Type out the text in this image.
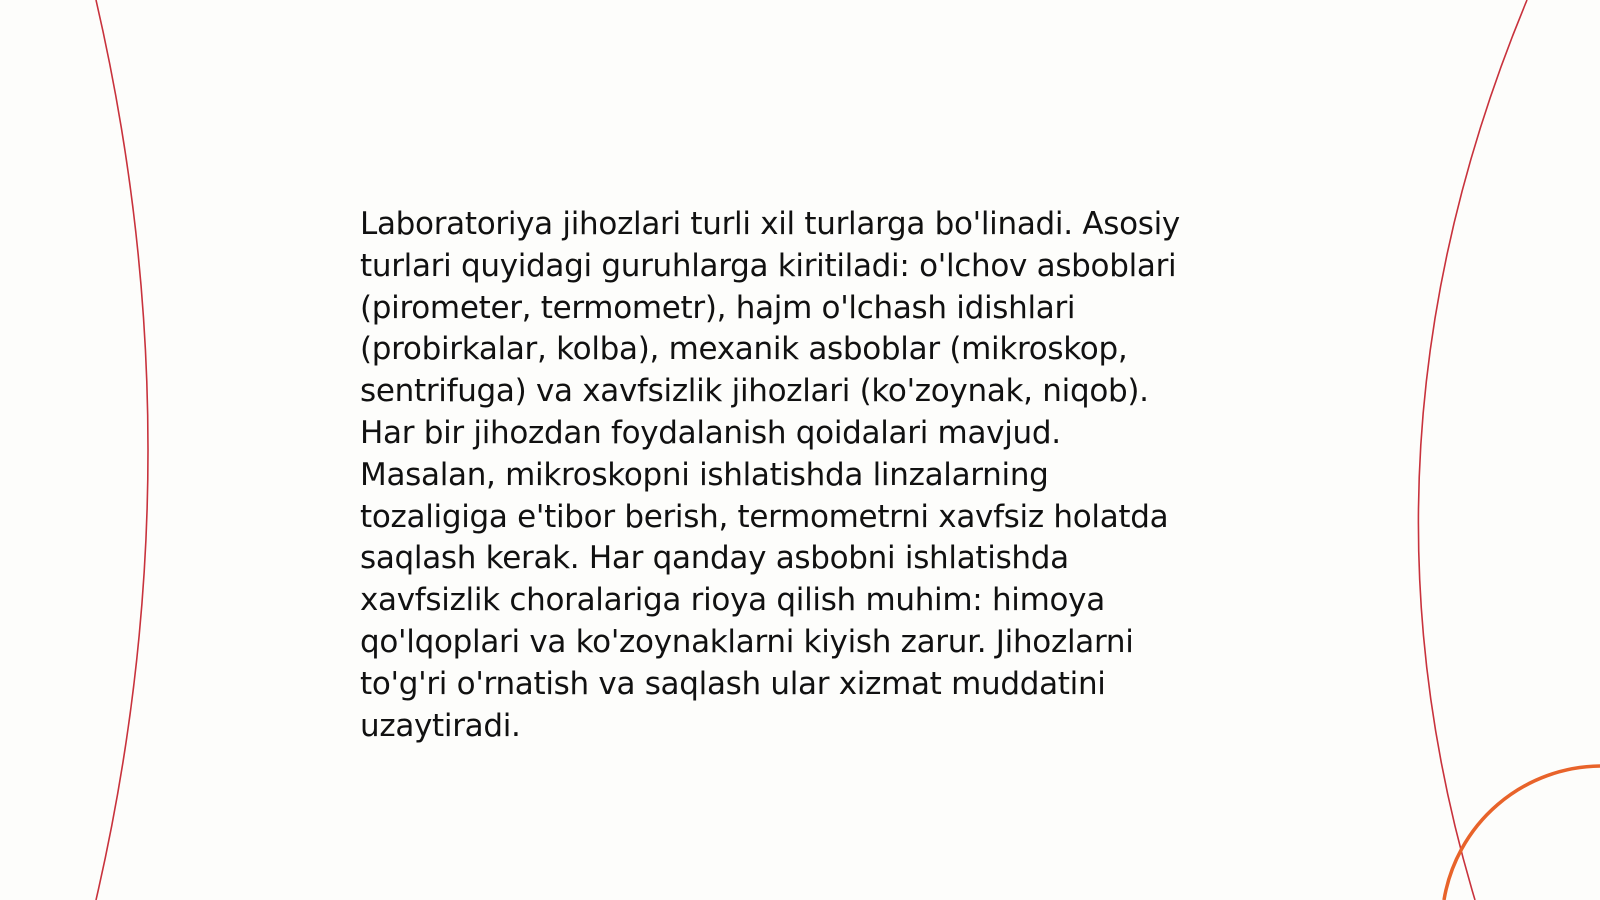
Laboratoriya jihozlari turli xil turlarga bo'linadi. Asosiy
turlari quyidagi guruhlarga kiritiladi: o'lchov asboblari
(pirometer, termometr), hajm o'lchash idishlari
(probirkalar, kolba), mexanik asboblar (mikroskop,
sentrifuga) va xavfsizlik jihozlari (ko'zoynak, niqob).
Har bir jihozdan foydalanish qoidalari mavjud.
Masalan, mikroskopni ishlatishda linzalarning
tozaligiga e'tibor berish, termometrni xavfsiz holatda
saqlash kerak. Har qanday asbobni ishlatishda
xavfsizlik choralariga rioya qilish muhim: himoya
qo'lqoplari va ko'zoynaklarni kiyish zarur. Jihozlarni
to'g'ri o'rnatish va saqlash ular xizmat muddatini
uzaytiradi.
